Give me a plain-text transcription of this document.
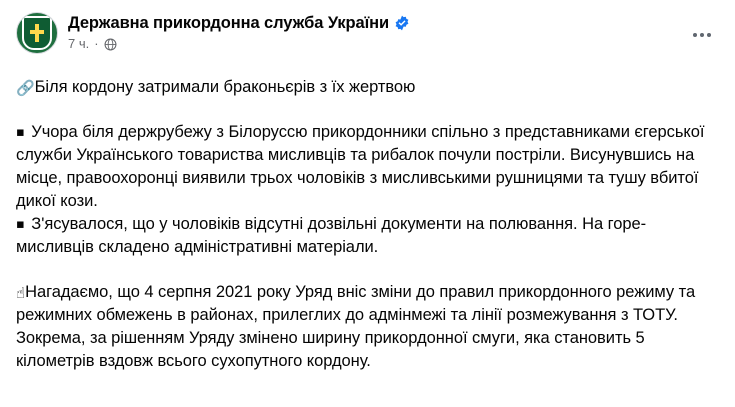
Державна прикордонна служба України
7 ч. ·
🔗Біля кордону затримали браконьєрів з їх жертвою
▪ Учора біля держрубежу з Білоруссю прикордонники спільно з представниками єгерської служби Українського товариства мисливців та рибалок почули постріли. Висунувшись на місце, правоохоронці виявили трьох чоловіків з мисливськими рушницями та тушу вбитої дикої кози.
▪ З'ясувалося, що у чоловіків відсутні дозвільні документи на полювання. На горе-мисливців складено адміністративні матеріали.
☝Нагадаємо, що 4 серпня 2021 року Уряд вніс зміни до правил прикордонного режиму та режимних обмежень в районах, прилеглих до адмінмежі та лінії розмежування з ТОТУ.
Зокрема, за рішенням Уряду змінено ширину прикордонної смуги, яка становить 5 кілометрів вздовж всього сухопутного кордону.
